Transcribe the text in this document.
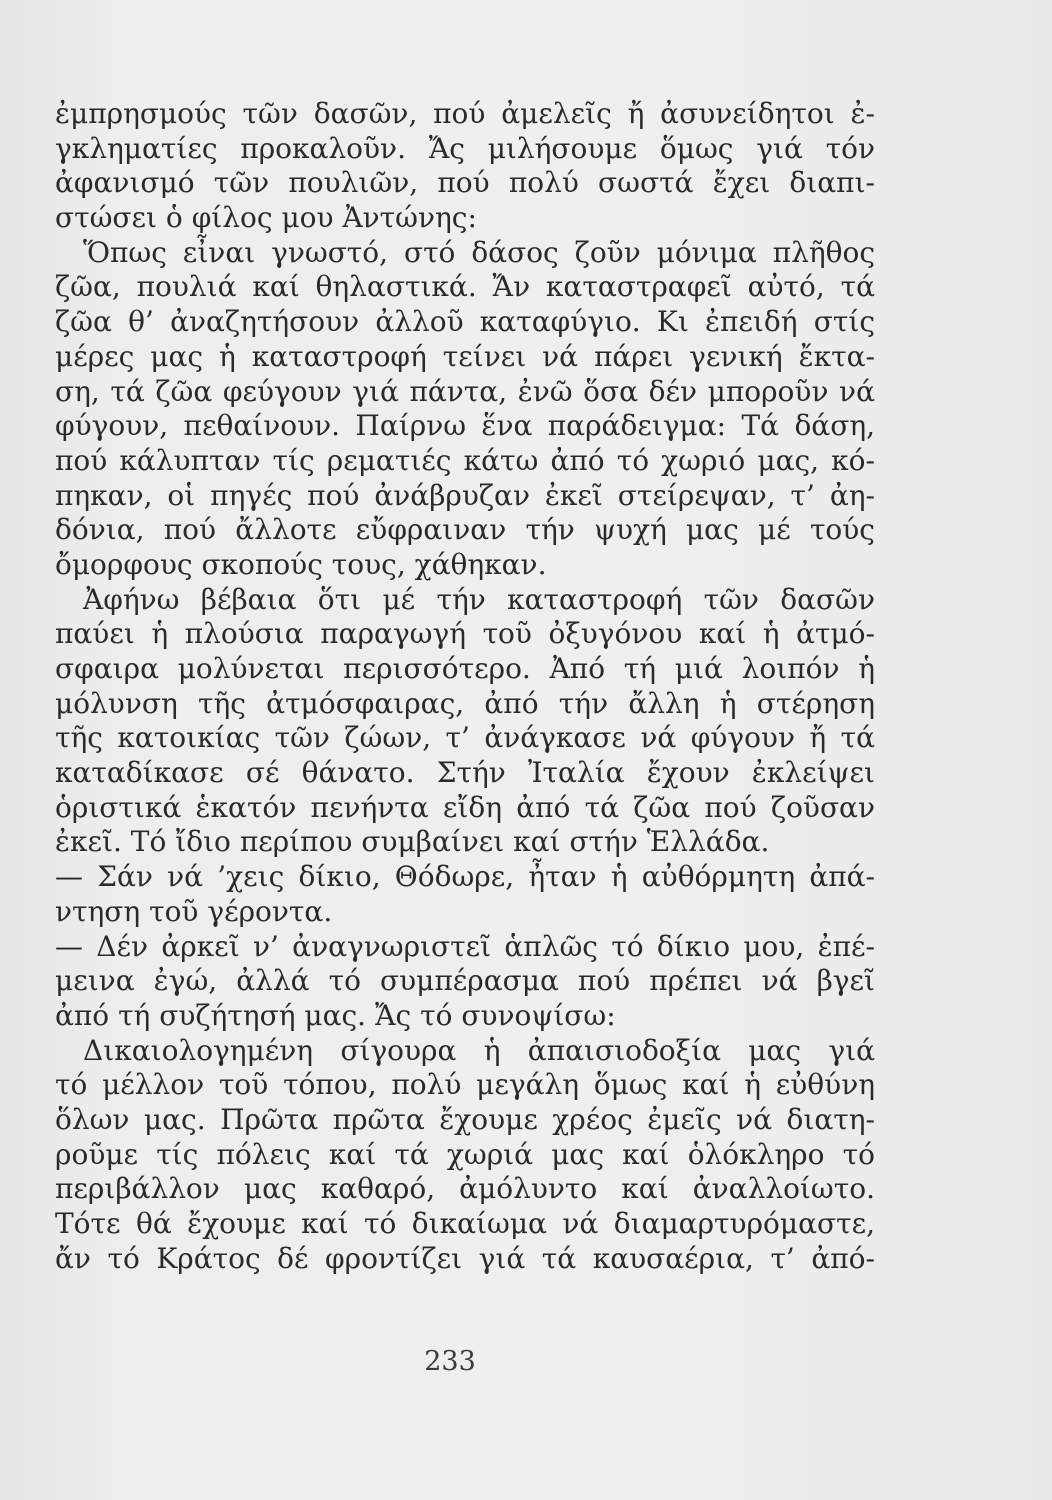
ἐμπρησμούς τῶν δασῶν, πού ἀμελεῖς ἤ ἀσυνείδητοι ἐ-
γκληματίες προκαλοῦν. Ἄς μιλήσουμε ὅμως γιά τόν
ἀφανισμό τῶν πουλιῶν, πού πολύ σωστά ἔχει διαπι-
στώσει ὁ φίλος μου Ἀντώνης:
Ὅπως εἶναι γνωστό, στό δάσος ζοῦν μόνιμα πλῆθος
ζῶα, πουλιά καί θηλαστικά. Ἄν καταστραφεῖ αὐτό, τά
ζῶα θ’ ἀναζητήσουν ἀλλοῦ καταφύγιο. Κι ἐπειδή στίς
μέρες μας ἡ καταστροφή τείνει νά πάρει γενική ἔκτα-
ση, τά ζῶα φεύγουν γιά πάντα, ἐνῶ ὅσα δέν μποροῦν νά
φύγουν, πεθαίνουν. Παίρνω ἕνα παράδειγμα: Τά δάση,
πού κάλυπταν τίς ρεματιές κάτω ἀπό τό χωριό μας, κό-
πηκαν, οἱ πηγές πού ἀνάβρυζαν ἐκεῖ στείρεψαν, τ’ ἀη-
δόνια, πού ἄλλοτε εὔφραιναν τήν ψυχή μας μέ τούς
ὄμορφους σκοπούς τους, χάθηκαν.
Ἀφήνω βέβαια ὅτι μέ τήν καταστροφή τῶν δασῶν
παύει ἡ πλούσια παραγωγή τοῦ ὀξυγόνου καί ἡ ἀτμό-
σφαιρα μολύνεται περισσότερο. Ἀπό τή μιά λοιπόν ἡ
μόλυνση τῆς ἀτμόσφαιρας, ἀπό τήν ἄλλη ἡ στέρηση
τῆς κατοικίας τῶν ζώων, τ’ ἀνάγκασε νά φύγουν ἤ τά
καταδίκασε σέ θάνατο. Στήν Ἰταλία ἔχουν ἐκλείψει
ὁριστικά ἑκατόν πενήντα εἴδη ἀπό τά ζῶα πού ζοῦσαν
ἐκεῖ. Τό ἴδιο περίπου συμβαίνει καί στήν Ἑλλάδα.
— Σάν νά ’χεις δίκιο, Θόδωρε, ἦταν ἡ αὐθόρμητη ἀπά-
ντηση τοῦ γέροντα.
— Δέν ἀρκεῖ ν’ ἀναγνωριστεῖ ἁπλῶς τό δίκιο μου, ἐπέ-
μεινα ἐγώ, ἀλλά τό συμπέρασμα πού πρέπει νά βγεῖ
ἀπό τή συζήτησή μας. Ἄς τό συνοψίσω:
Δικαιολογημένη σίγουρα ἡ ἀπαισιοδοξία μας γιά
τό μέλλον τοῦ τόπου, πολύ μεγάλη ὅμως καί ἡ εὐθύνη
ὅλων μας. Πρῶτα πρῶτα ἔχουμε χρέος ἐμεῖς νά διατη-
ροῦμε τίς πόλεις καί τά χωριά μας καί ὁλόκληρο τό
περιβάλλον μας καθαρό, ἀμόλυντο καί ἀναλλοίωτο.
Τότε θά ἔχουμε καί τό δικαίωμα νά διαμαρτυρόμαστε,
ἄν τό Κράτος δέ φροντίζει γιά τά καυσαέρια, τ’ ἀπό-
233
